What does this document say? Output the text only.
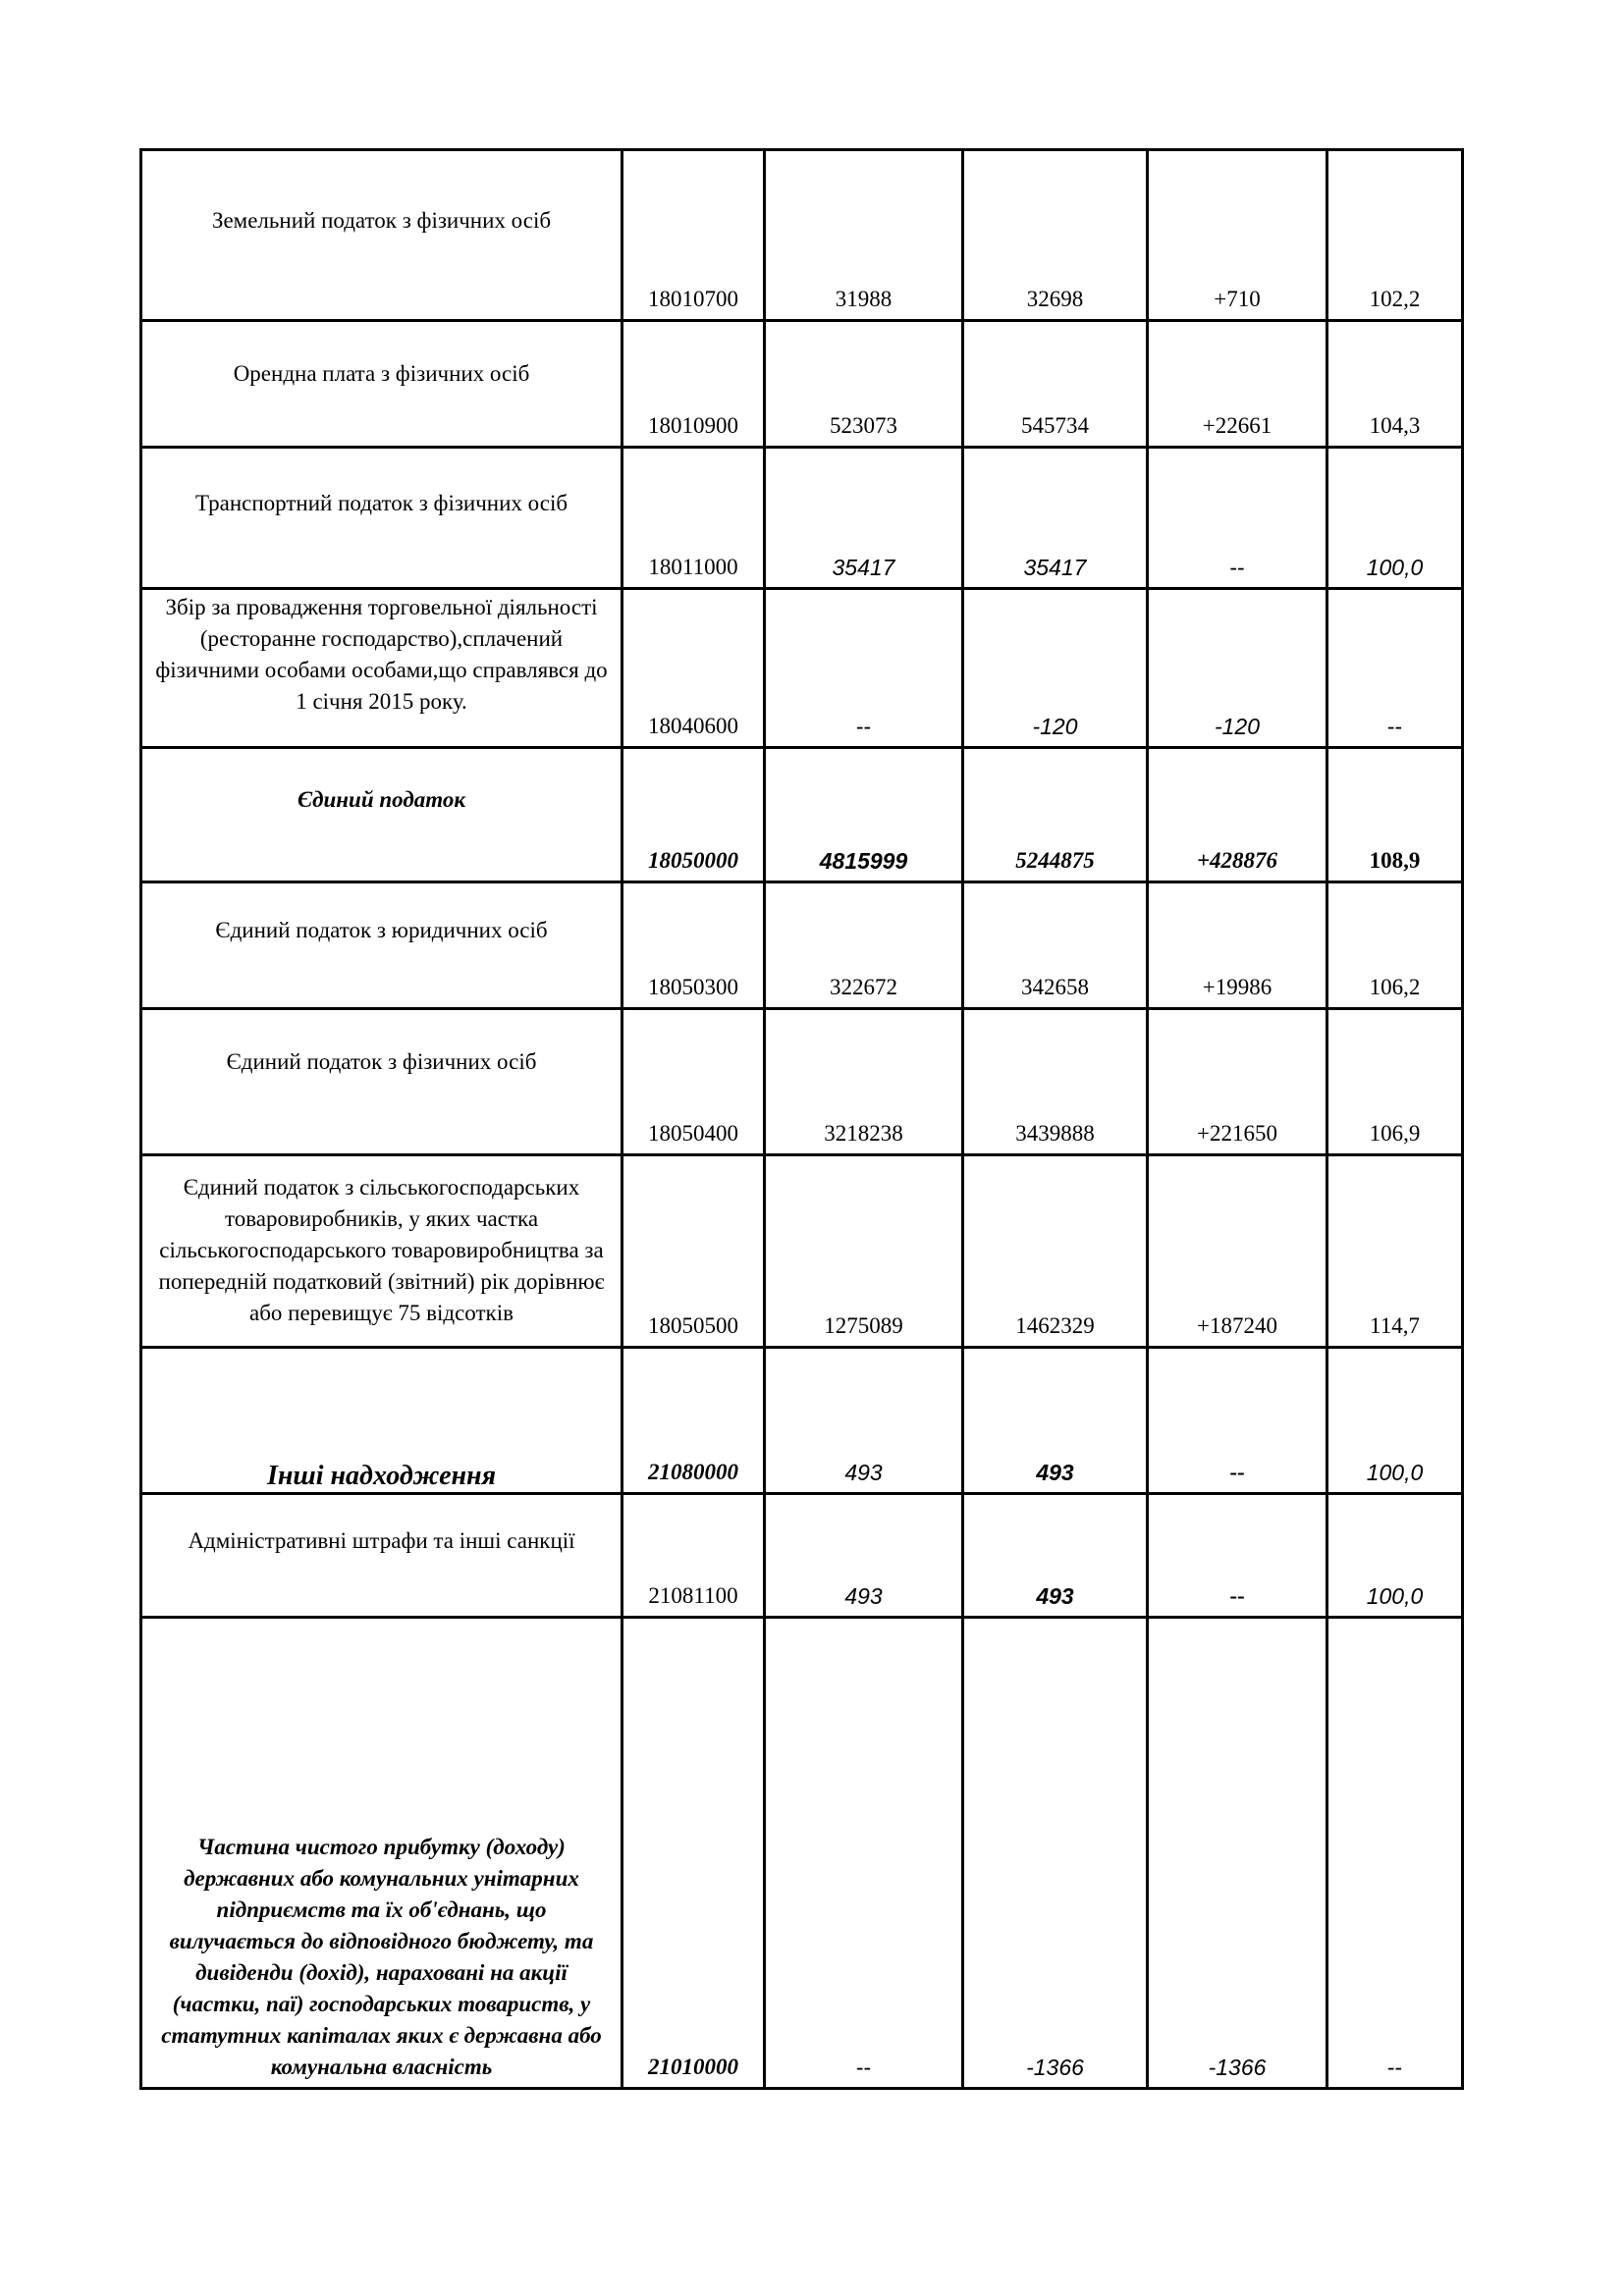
Земельний податок з фізичних осіб	18010700	31988	32698	+710	102,2
Орендна плата з фізичних осіб	18010900	523073	545734	+22661	104,3
Транспортний податок з фізичних осіб	18011000	35417	35417	--	100,0
Збір за провадження торговельної діяльності (ресторанне господарство),сплачений фізичними особами особами,що справлявся до 1 січня 2015 року.	18040600	--	-120	-120	--
Єдиний податок	18050000	4815999	5244875	+428876	108,9
Єдиний податок з юридичних осіб	18050300	322672	342658	+19986	106,2
Єдиний податок з фізичних осіб	18050400	3218238	3439888	+221650	106,9
Єдиний податок з сільськогосподарських товаровиробників, у яких частка сільськогосподарського товаровиробництва за попередній податковий (звітний) рік дорівнює або перевищує 75 відсотків	18050500	1275089	1462329	+187240	114,7
Інші надходження	21080000	493	493	--	100,0
Адміністративні штрафи та інші санкції	21081100	493	493	--	100,0
Частина чистого прибутку (доходу) державних або комунальних унітарних підприємств та їх об'єднань, що вилучається до відповідного бюджету, та дивіденди (дохід), нараховані на акції (частки, паї) господарських товариств, у статутних капіталах яких є державна або комунальна власність	21010000	--	-1366	-1366	--
